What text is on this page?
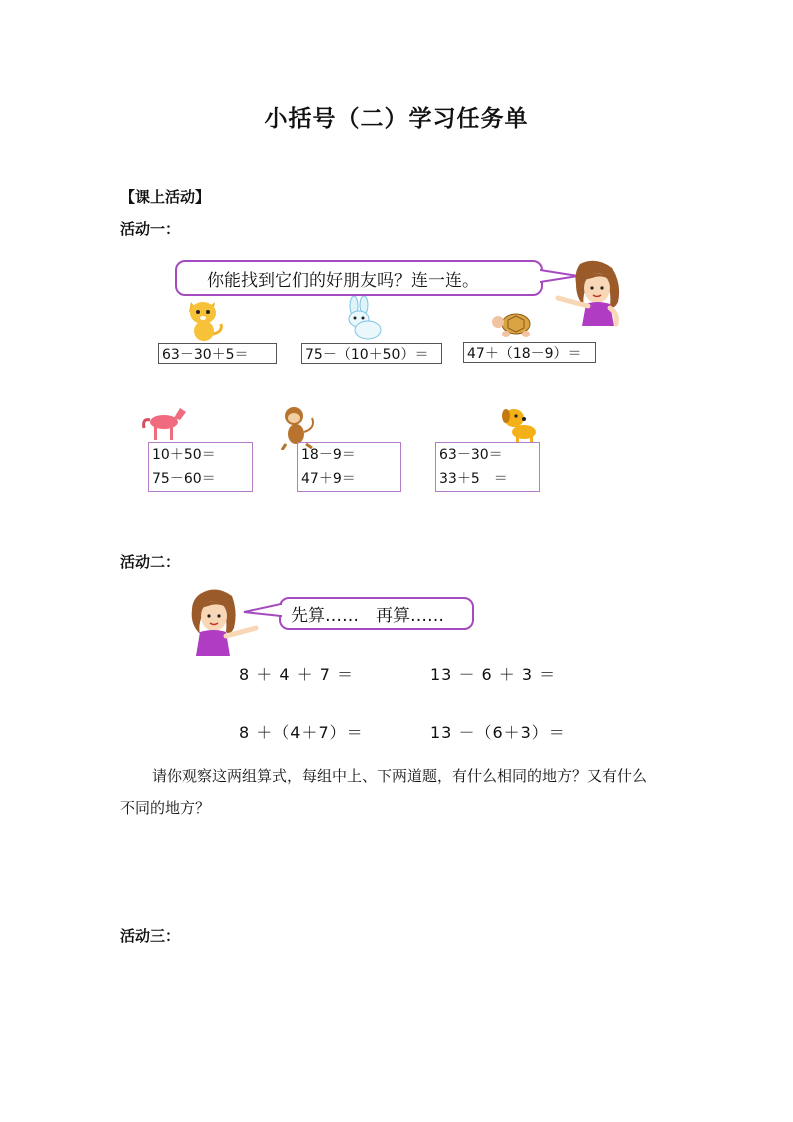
小括号（二）学习任务单
【课上活动】
活动一：
你能找到它们的好朋友吗？连一连。
63－30＋5＝	75－（10＋50）＝	47＋（18－9）＝
10＋50＝
75－60＝
18－9＝
47＋9＝
63－30＝
33＋5　＝
活动二：
先算……　再算……
8 ＋ 4 ＋ 7 ＝	13 － 6 ＋ 3 ＝
8 ＋（4＋7）＝	13 －（6＋3）＝
请你观察这两组算式，每组中上、下两道题，有什么相同的地方？又有什么
不同的地方？
活动三：
